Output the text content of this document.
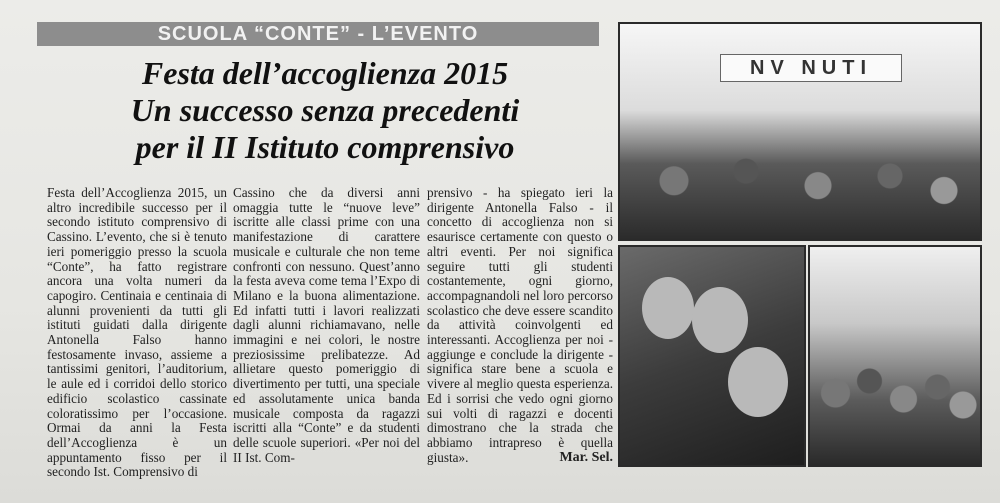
SCUOLA “CONTE” - L’EVENTO
Festa dell’accoglienza 2015
Un successo senza precedenti
per il II Istituto comprensivo
Festa dell’Accoglienza 2015, un altro incredibile successo per il secondo istituto comprensivo di Cassino. L’evento, che si è tenuto ieri pomeriggio presso la scuola “Conte”, ha fatto registrare ancora una volta numeri da capogiro. Centinaia e centinaia di alunni provenienti da tutti gli istituti guidati dalla dirigente Antonella Falso hanno festosamente invaso, assieme a tantissimi genitori, l’auditorium, le aule ed i corridoi dello storico edificio scolastico cassinate coloratissimo per l’occasione. Ormai da anni la Festa dell’Accoglienza è un appuntamento fisso per il secondo Ist. Comprensivo di
Cassino che da diversi anni omaggia tutte le “nuove leve” iscritte alle classi prime con una manifestazione di carattere musicale e culturale che non teme confronti con nessuno. Quest’anno la festa aveva come tema l’Expo di Milano e la buona alimentazione. Ed infatti tutti i lavori realizzati dagli alunni richiamavano, nelle immagini e nei colori, le nostre preziosissime prelibatezze. Ad allietare questo pomeriggio di divertimento per tutti, una speciale ed assolutamente unica banda musicale composta da ragazzi iscritti alla “Conte” e da studenti delle scuole superiori. «Per noi del II Ist. Com-
prensivo - ha spiegato ieri la dirigente Antonella Falso - il concetto di accoglienza non si esaurisce certamente con questo o altri eventi. Per noi significa seguire tutti gli studenti costantemente, ogni giorno, accompagnandoli nel loro percorso scolastico che deve essere scandito da attività coinvolgenti ed interessanti. Accoglienza per noi - aggiunge e conclude la dirigente - significa stare bene a scuola e vivere al meglio questa esperienza. Ed i sorrisi che vedo ogni giorno sui volti di ragazzi e docenti dimostrano che la strada che abbiamo intrapreso è quella giusta».	Mar. Sel.
NV NUTI
